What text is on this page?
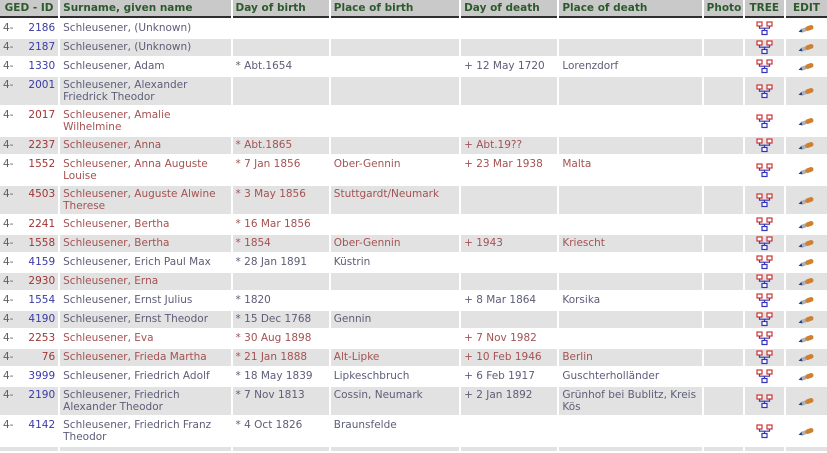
GED - ID	Surname, given name	Day of birth	Place of birth	Day of death	Place of death	Photo	TREE	EDIT

4- 2186	Schleusener, (Unknown)							

4- 2187	Schleusener, (Unknown)							

4- 1330	Schleusener, Adam	* Abt.1654		+ 12 May 1720	Lorenzdorf			

4- 2001	Schleusener, Alexander Friedrick Theodor							

4- 2017	Schleusener, Amalie Wilhelmine							

4- 2237	Schleusener, Anna	* Abt.1865		+ Abt.19??				

4- 1552	Schleusener, Anna Auguste Louise	* 7 Jan 1856	Ober-Gennin	+ 23 Mar 1938	Malta			

4- 4503	Schleusener, Auguste Alwine Therese	* 3 May 1856	Stuttgardt/Neumark					

4- 2241	Schleusener, Bertha	* 16 Mar 1856						

4- 1558	Schleusener, Bertha	* 1854	Ober-Gennin	+ 1943	Kriescht			

4- 4159	Schleusener, Erich Paul Max	* 28 Jan 1891	Küstrin					

4- 2930	Schleusener, Erna							

4- 1554	Schleusener, Ernst Julius	* 1820		+ 8 Mar 1864	Korsika			

4- 4190	Schleusener, Ernst Theodor	* 15 Dec 1768	Gennin					

4- 2253	Schleusener, Eva	* 30 Aug 1898		+ 7 Nov 1982				

4- 76	Schleusener, Frieda Martha	* 21 Jan 1888	Alt-Lipke	+ 10 Feb 1946	Berlin			

4- 3999	Schleusener, Friedrich Adolf	* 18 May 1839	Lipkeschbruch	+ 6 Feb 1917	Guschterholländer			

4- 2190	Schleusener, Friedrich Alexander Theodor	* 7 Nov 1813	Cossin, Neumark	+ 2 Jan 1892	Grünhof bei Bublitz, Kreis Kös			

4- 4142	Schleusener, Friedrich Franz Theodor	* 4 Oct 1826	Braunsfelde					
